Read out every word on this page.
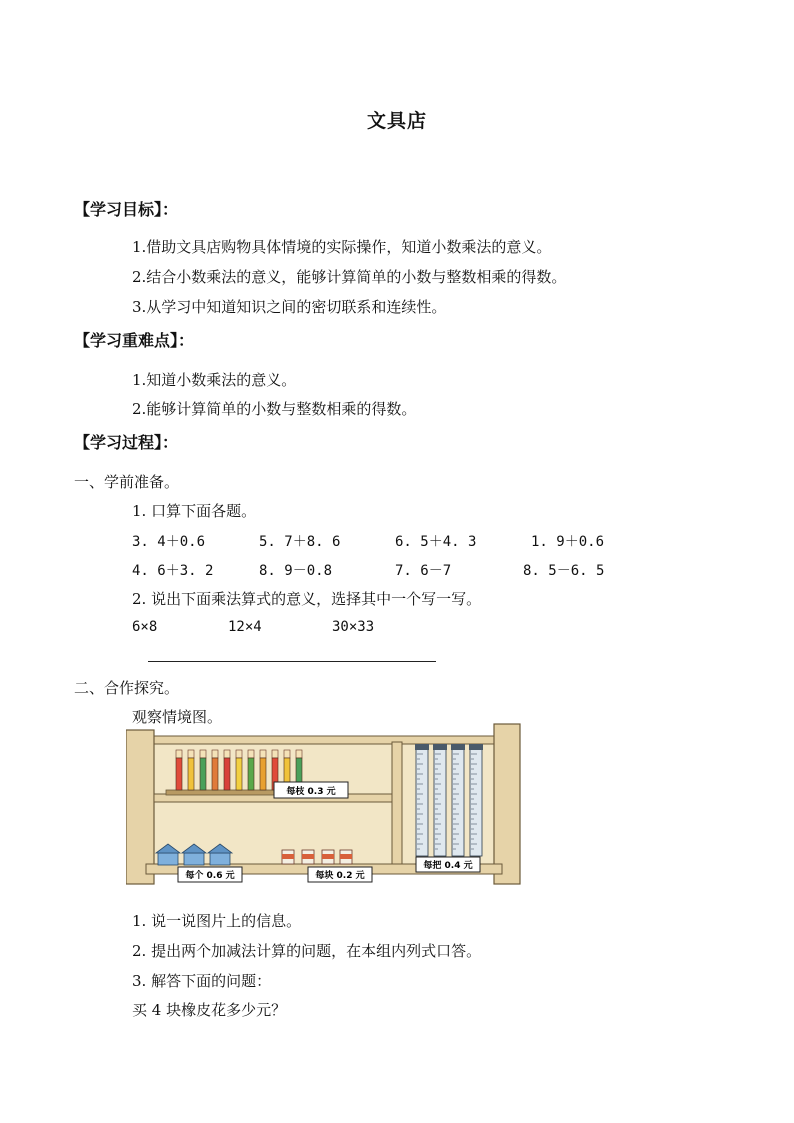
文具店
【学习目标】：
1.借助文具店购物具体情境的实际操作，知道小数乘法的意义。
2.结合小数乘法的意义，能够计算简单的小数与整数相乘的得数。
3.从学习中知道知识之间的密切联系和连续性。
【学习重难点】：
1.知道小数乘法的意义。
2.能够计算简单的小数与整数相乘的得数。
【学习过程】：
一、学前准备。
1. 口算下面各题。
3. 4＋0.6	5. 7＋8. 6	6. 5＋4. 3	1. 9＋0.6
4. 6＋3. 2	8. 9－0.8	7. 6－7	8. 5－6. 5
2. 说出下面乘法算式的意义，选择其中一个写一写。
6×8	12×4	30×33
二、合作探究。
观察情境图。
每枝 0.3 元
每个 0.6 元	每块 0.2 元
每把 0.4 元
1. 说一说图片上的信息。
2. 提出两个加减法计算的问题，在本组内列式口答。
3. 解答下面的问题：
买 4 块橡皮花多少元？
